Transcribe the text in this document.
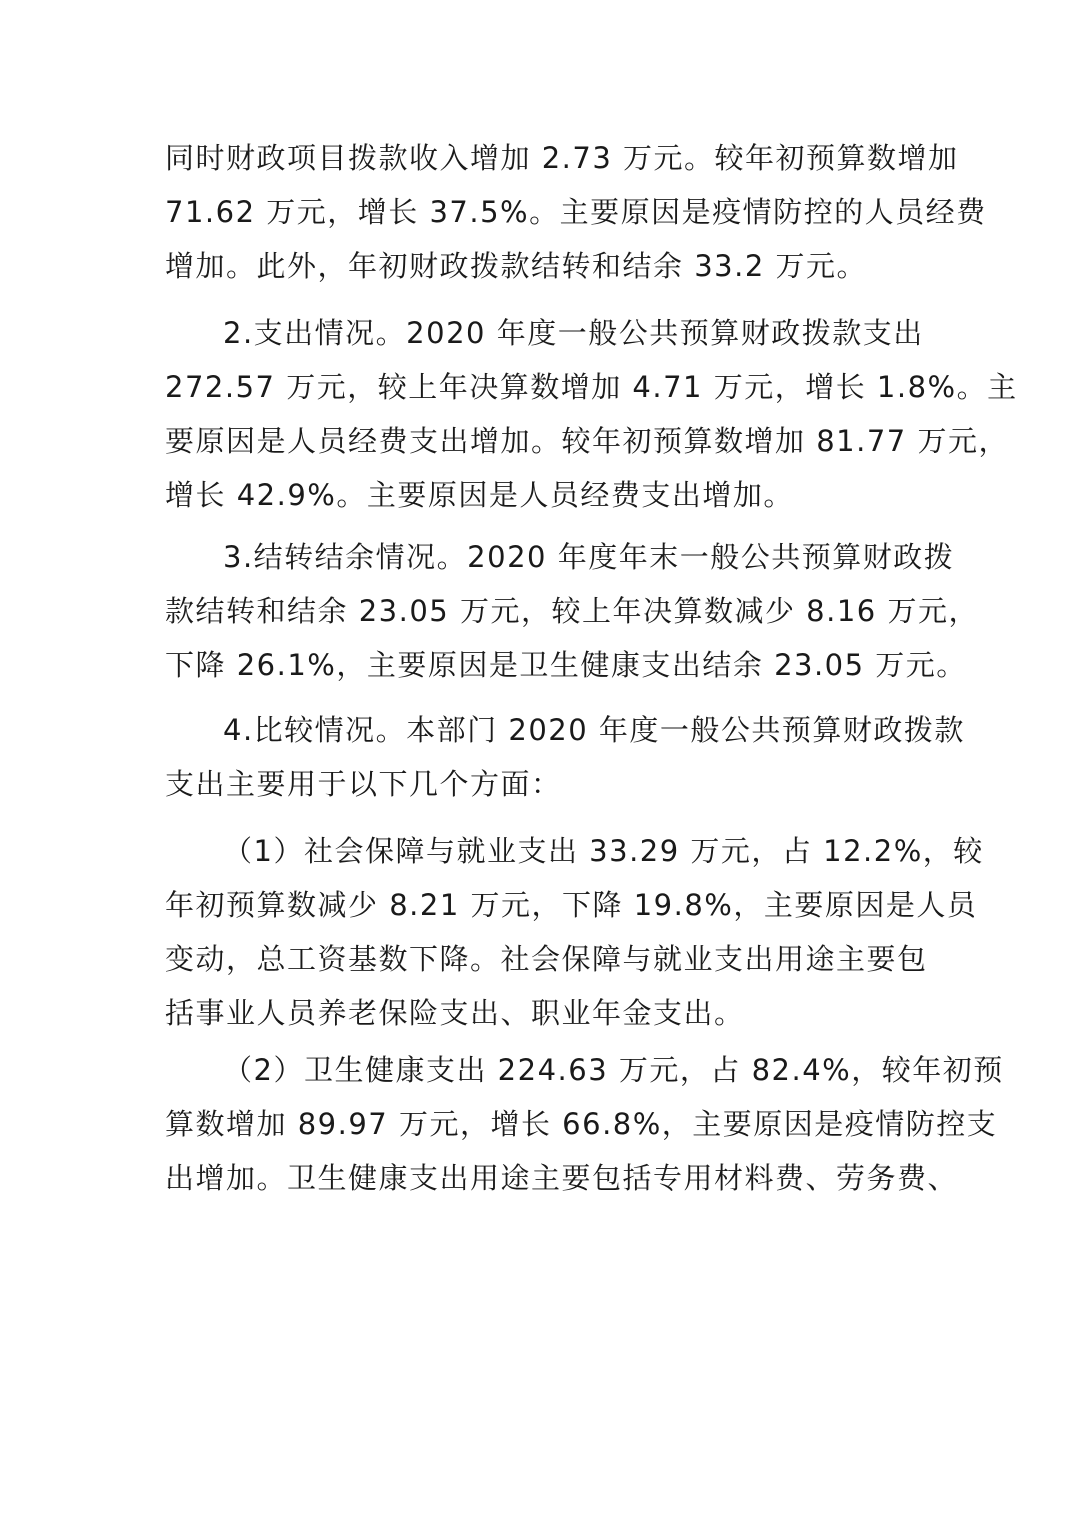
同时财政项目拨款收入增加 2.73 万元。较年初预算数增加
71.62 万元，增长 37.5%。主要原因是疫情防控的人员经费
增加。此外，年初财政拨款结转和结余 33.2 万元。

2.支出情况。2020 年度一般公共预算财政拨款支出
272.57 万元，较上年决算数增加 4.71 万元，增长 1.8%。主
要原因是人员经费支出增加。较年初预算数增加 81.77 万元，
增长 42.9%。主要原因是人员经费支出增加。

3.结转结余情况。2020 年度年末一般公共预算财政拨
款结转和结余 23.05 万元，较上年决算数减少 8.16 万元，
下降 26.1%，主要原因是卫生健康支出结余 23.05 万元。

4.比较情况。本部门 2020 年度一般公共预算财政拨款
支出主要用于以下几个方面：

（1）社会保障与就业支出 33.29 万元，占 12.2%，较
年初预算数减少 8.21 万元，下降 19.8%，主要原因是人员
变动，总工资基数下降。社会保障与就业支出用途主要包
括事业人员养老保险支出、职业年金支出。

（2）卫生健康支出 224.63 万元，占 82.4%，较年初预
算数增加 89.97 万元，增长 66.8%，主要原因是疫情防控支
出增加。卫生健康支出用途主要包括专用材料费、劳务费、
